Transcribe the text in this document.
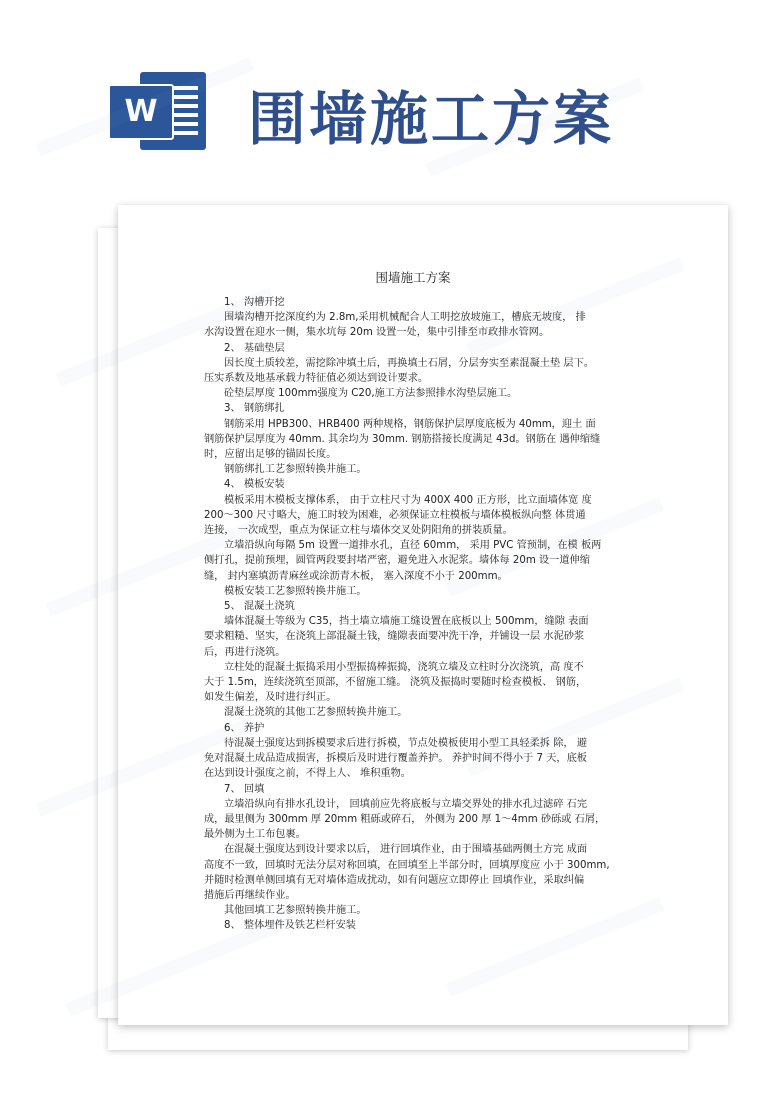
W 围墙施工方案
围墙施工方案
1、 沟槽开挖
围墙沟槽开挖深度约为 2.8m,采用机械配合人工明挖放坡施工，槽底无坡度， 排
水沟设置在迎水一侧，集水坑每 20m 设置一处，集中引排至市政排水管网。
2、 基础垫层
因长度土质较差，需挖除冲填土后，再换填土石屑，分层夯实至素混凝土垫 层下。
压实系数及地基承载力特征值必须达到设计要求。
砼垫层厚度 100mm强度为 C20,施工方法参照排水沟垫层施工。
3、 钢筋绑扎
钢筋采用 HPB300、HRB400 两种规格，钢筋保护层厚度底板为 40mm，迎土 面
钢筋保护层厚度为 40mm. 其余均为 30mm. 钢筋搭接长度满足 43d。钢筋在 遇伸缩缝
时，应留出足够的锚固长度。
钢筋绑扎工艺参照转换井施工。
4、 模板安装
模板采用木模板支撑体系， 由于立柱尺寸为 400X 400 正方形，比立面墙体宽 度
200～300 尺寸略大，施工时较为困难，必须保证立柱模板与墙体模板纵向整 体贯通
连接， 一次成型，重点为保证立柱与墙体交叉处阴阳角的拼装质量。
立墙沿纵向每隔 5m 设置一道排水孔，直径 60mm， 采用 PVC 管预制，在模 板两
侧打孔，提前预埋，圆管两段要封堵严密，避免进入水泥浆。墙体每 20m 设一道伸缩
缝， 封内塞填沥青麻丝或涂沥青木板， 塞入深度不小于 200mm。
模板安装工艺参照转换井施工。
5、 混凝土浇筑
墙体混凝土等级为 C35，挡土墙立墙施工缝设置在底板以上 500mm，缝隙 表面
要求粗糙、坚实，在浇筑上部混凝土钱，缝隙表面要冲洗干净，并铺设一层 水泥砂浆
后，再进行浇筑。
立柱处的混凝土振捣采用小型振捣棒振捣，浇筑立墙及立柱时分次浇筑，高 度不
大于 1.5m，连续浇筑至顶部，不留施工缝。 浇筑及振捣时要随时检查模板、 钢筋，
如发生偏差，及时进行纠正。
混凝土浇筑的其他工艺参照转换井施工。
6、 养护
待混凝土强度达到拆模要求后进行拆模，节点处模板使用小型工具轻柔拆 除， 避
免对混凝土成品造成损害，拆模后及时进行覆盖养护。 养护时间不得小于 7 天，底板
在达到设计强度之前，不得上人、 堆积重物。
7、 回填
立墙沿纵向有排水孔设计， 回填前应先将底板与立墙交界处的排水孔过滤碎 石完
成，最里侧为 300mm 厚 20mm 粗砾或碎石， 外侧为 200 厚 1～4mm 砂砾或 石屑，
最外侧为土工布包裹。
在混凝土强度达到设计要求以后， 进行回填作业，由于围墙基础两侧土方完 成面
高度不一致，回填时无法分层对称回填，在回填至上半部分时，回填厚度应 小于 300mm,
并随时检测单侧回填有无对墙体造成扰动，如有问题应立即停止 回填作业，采取纠偏
措施后再继续作业。
其他回填工艺参照转换井施工。
8、 整体埋件及铁艺栏杆安装
